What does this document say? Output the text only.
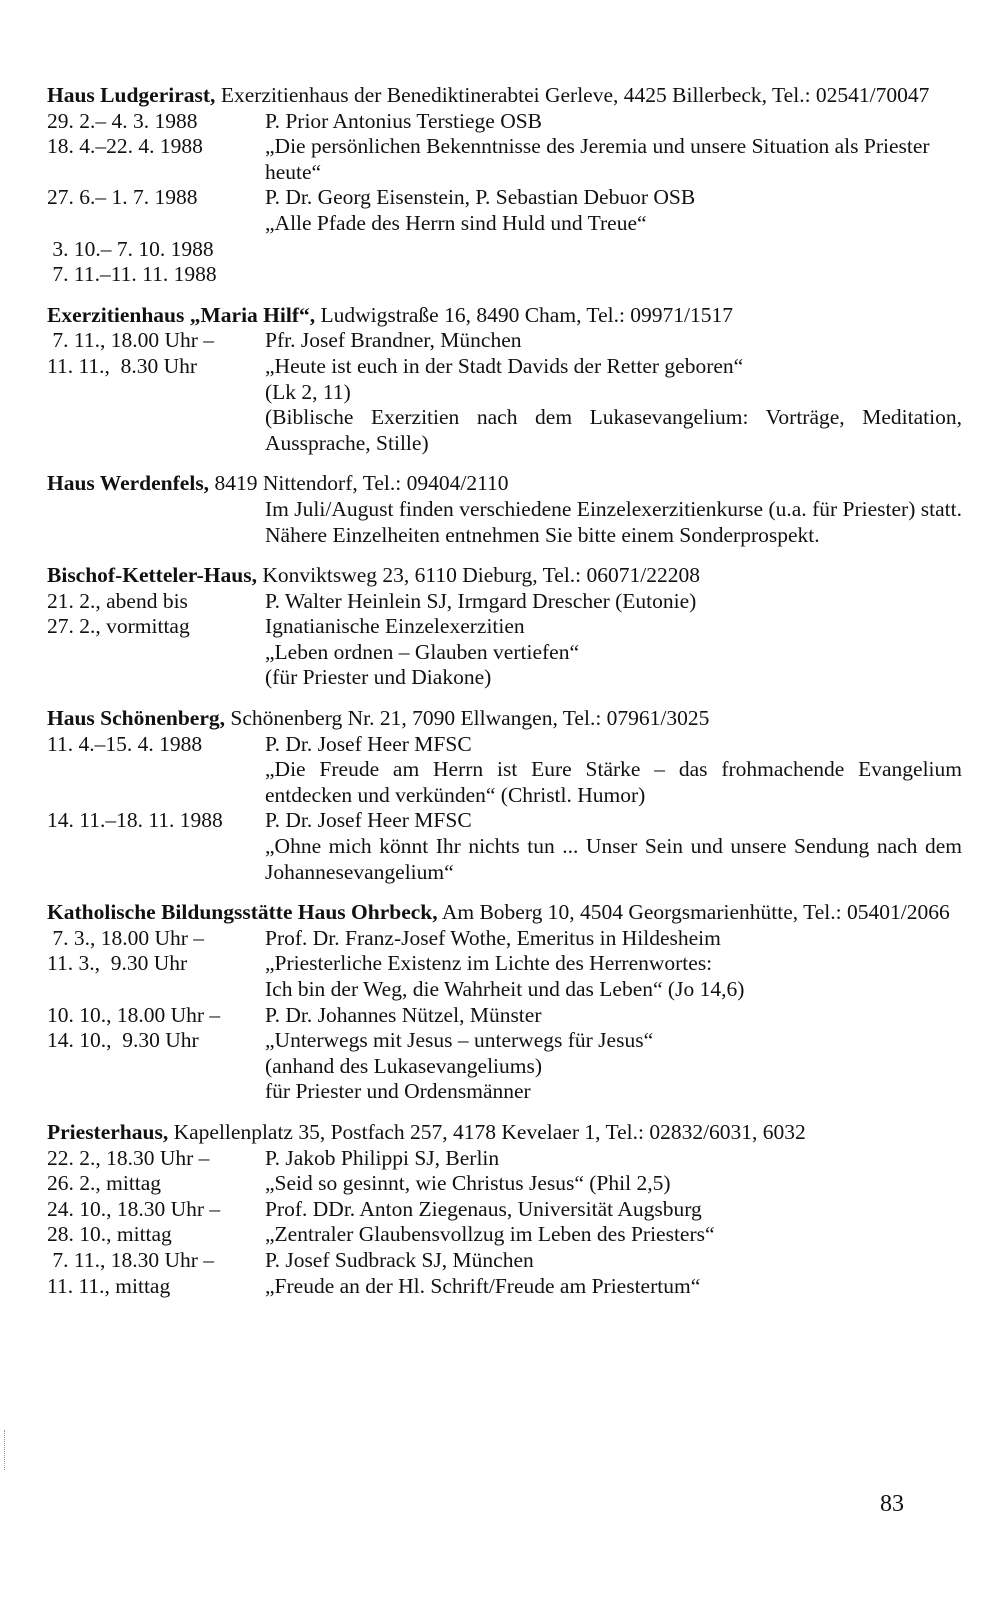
Haus Ludgerirast, Exerzitienhaus der Benediktinerabtei Gerleve, 4425 Billerbeck, Tel.: 02541/70047

29. 2.– 4. 3. 1988	P. Prior Antonius Terstiege OSB
18. 4.–22. 4. 1988	„Die persönlichen Bekenntnisse des Jeremia und unsere Situation als Priester heute“
27. 6.– 1. 7. 1988	P. Dr. Georg Eisenstein, P. Sebastian Debuor OSB
„Alle Pfade des Herrn sind Huld und Treue“
3. 10.– 7. 10. 1988
7. 11.–11. 11. 1988

Exerzitienhaus „Maria Hilf“, Ludwigstraße 16, 8490 Cham, Tel.: 09971/1517

7. 11., 18.00 Uhr –	Pfr. Josef Brandner, München
11. 11.,  8.30 Uhr	„Heute ist euch in der Stadt Davids der Retter geboren“
(Lk 2, 11)
(Biblische Exerzitien nach dem Lukasevangelium: Vorträge, Meditation, Aussprache, Stille)

Haus Werdenfels, 8419 Nittendorf, Tel.: 09404/2110

Im Juli/August finden verschiedene Einzelexerzitienkurse (u.a. für Priester) statt. Nähere Einzelheiten entnehmen Sie bitte einem Sonderprospekt.

Bischof-Ketteler-Haus, Konviktsweg 23, 6110 Dieburg, Tel.: 06071/22208

21. 2., abend bis	P. Walter Heinlein SJ, Irmgard Drescher (Eutonie)
27. 2., vormittag	Ignatianische Einzelexerzitien
„Leben ordnen – Glauben vertiefen“
(für Priester und Diakone)

Haus Schönenberg, Schönenberg Nr. 21, 7090 Ellwangen, Tel.: 07961/3025

11. 4.–15. 4. 1988	P. Dr. Josef Heer MFSC
„Die Freude am Herrn ist Eure Stärke – das frohmachende Evangelium entdecken und verkünden“ (Christl. Humor)
14. 11.–18. 11. 1988	P. Dr. Josef Heer MFSC
„Ohne mich könnt Ihr nichts tun ... Unser Sein und unsere Sendung nach dem Johannesevangelium“

Katholische Bildungsstätte Haus Ohrbeck, Am Boberg 10, 4504 Georgsmarienhütte, Tel.: 05401/2066

7. 3., 18.00 Uhr –	Prof. Dr. Franz-Josef Wothe, Emeritus in Hildesheim
11. 3.,  9.30 Uhr	„Priesterliche Existenz im Lichte des Herrenwortes:
Ich bin der Weg, die Wahrheit und das Leben“ (Jo 14,6)
10. 10., 18.00 Uhr –	P. Dr. Johannes Nützel, Münster
14. 10.,  9.30 Uhr	„Unterwegs mit Jesus – unterwegs für Jesus“
(anhand des Lukasevangeliums)
für Priester und Ordensmänner

Priesterhaus, Kapellenplatz 35, Postfach 257, 4178 Kevelaer 1, Tel.: 02832/6031, 6032

22. 2., 18.30 Uhr –	P. Jakob Philippi SJ, Berlin
26. 2., mittag	„Seid so gesinnt, wie Christus Jesus“ (Phil 2,5)
24. 10., 18.30 Uhr –	Prof. DDr. Anton Ziegenaus, Universität Augsburg
28. 10., mittag	„Zentraler Glaubensvollzug im Leben des Priesters“
7. 11., 18.30 Uhr –	P. Josef Sudbrack SJ, München
11. 11., mittag	„Freude an der Hl. Schrift/Freude am Priestertum“
83
